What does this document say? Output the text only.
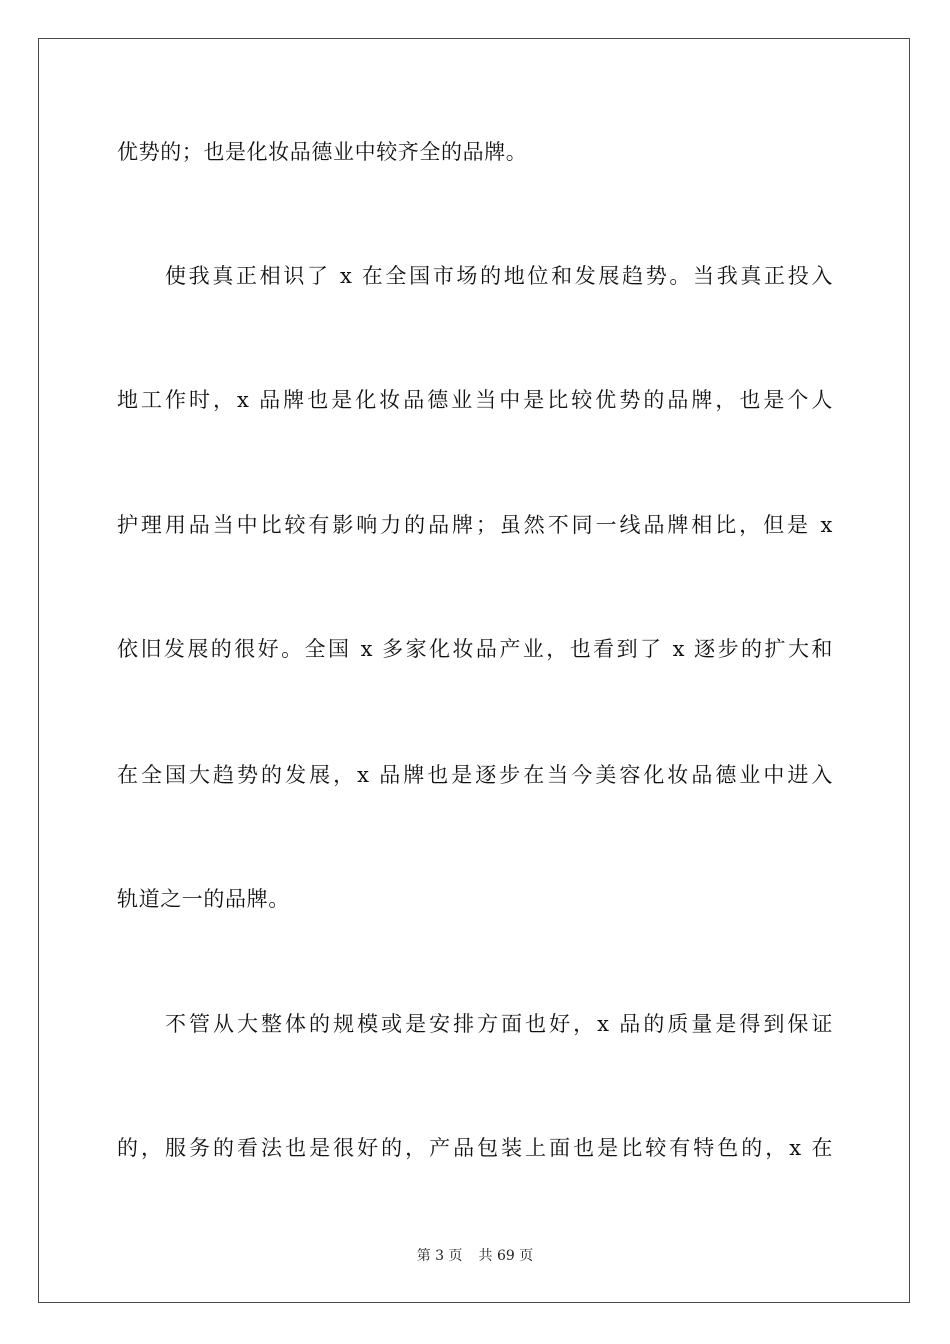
优势的；也是化妆品德业中较齐全的品牌。
使我真正相识了 x 在全国市场的地位和发展趋势。当我真正投入
地工作时，x 品牌也是化妆品德业当中是比较优势的品牌，也是个人
护理用品当中比较有影响力的品牌；虽然不同一线品牌相比，但是 x
依旧发展的很好。全国 x 多家化妆品产业，也看到了 x 逐步的扩大和
在全国大趋势的发展，x 品牌也是逐步在当今美容化妆品德业中进入
轨道之一的品牌。
不管从大整体的规模或是安排方面也好，x 品的质量是得到保证
的，服务的看法也是很好的，产品包装上面也是比较有特色的，x 在
第 3 页 共 69 页
